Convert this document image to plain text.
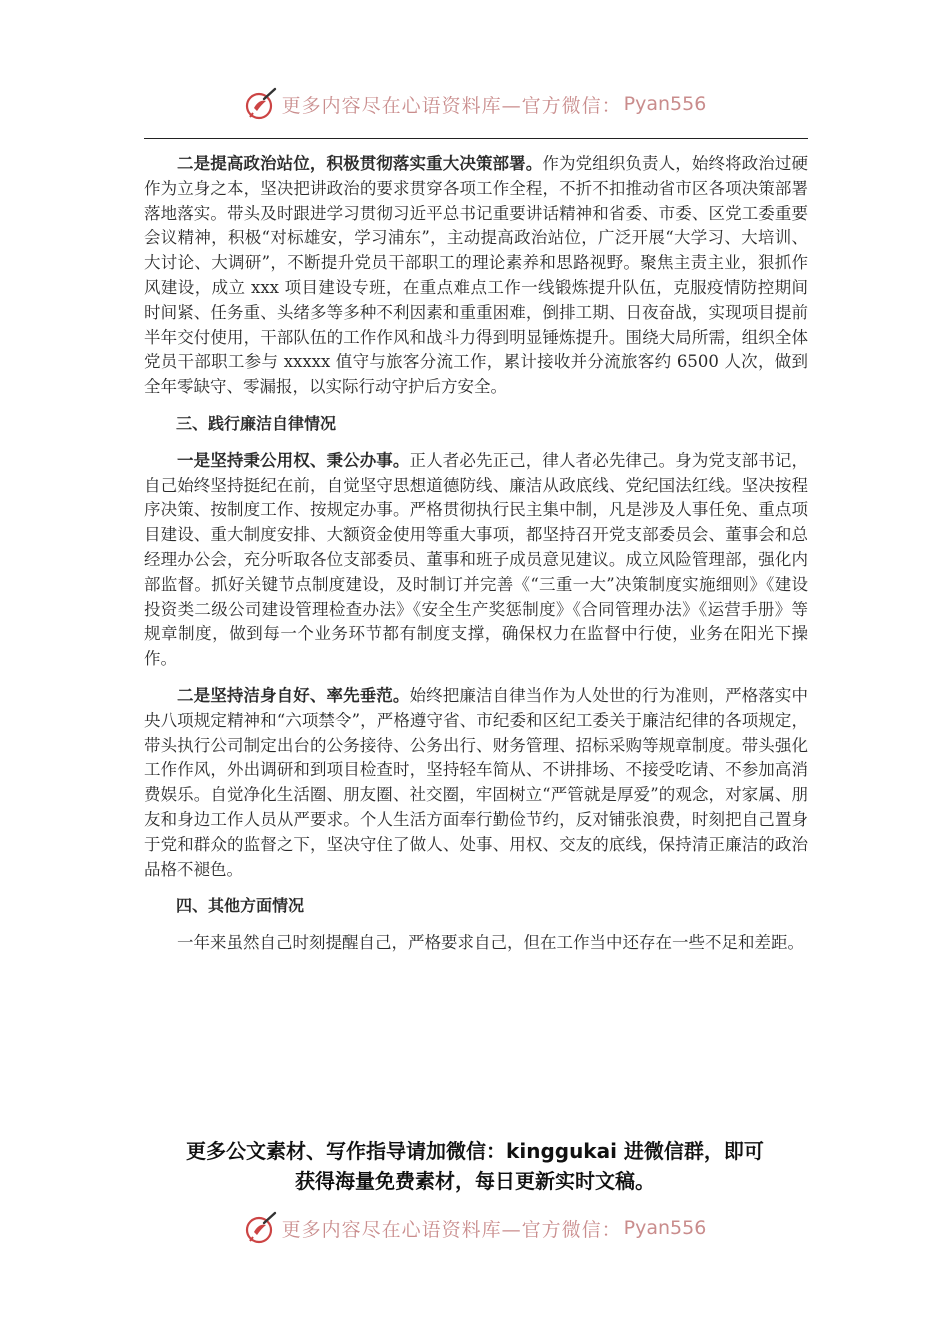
更多内容尽在心语资料库—官方微信： Pyan556

二是提高政治站位，积极贯彻落实重大决策部署。作为党组织负责人，始终将政治过硬作为立身之本，坚决把讲政治的要求贯穿各项工作全程，不折不扣推动省市区各项决策部署落地落实。带头及时跟进学习贯彻习近平总书记重要讲话精神和省委、市委、区党工委重要会议精神，积极“对标雄安，学习浦东”，主动提高政治站位，广泛开展“大学习、大培训、大讨论、大调研”，不断提升党员干部职工的理论素养和思路视野。聚焦主责主业，狠抓作风建设，成立 xxx 项目建设专班，在重点难点工作一线锻炼提升队伍，克服疫情防控期间时间紧、任务重、头绪多等多种不利因素和重重困难，倒排工期、日夜奋战，实现项目提前半年交付使用，干部队伍的工作作风和战斗力得到明显锤炼提升。围绕大局所需，组织全体党员干部职工参与 xxxxx 值守与旅客分流工作，累计接收并分流旅客约 6500 人次，做到全年零缺守、零漏报，以实际行动守护后方安全。

三、践行廉洁自律情况

一是坚持秉公用权、秉公办事。正人者必先正己，律人者必先律己。身为党支部书记，自己始终坚持挺纪在前，自觉坚守思想道德防线、廉洁从政底线、党纪国法红线。坚决按程序决策、按制度工作、按规定办事。严格贯彻执行民主集中制，凡是涉及人事任免、重点项目建设、重大制度安排、大额资金使用等重大事项，都坚持召开党支部委员会、董事会和总经理办公会，充分听取各位支部委员、董事和班子成员意见建议。成立风险管理部，强化内部监督。抓好关键节点制度建设，及时制订并完善《“三重一大”决策制度实施细则》《建设投资类二级公司建设管理检查办法》《安全生产奖惩制度》《合同管理办法》《运营手册》等规章制度，做到每一个业务环节都有制度支撑，确保权力在监督中行使，业务在阳光下操作。

二是坚持洁身自好、率先垂范。始终把廉洁自律当作为人处世的行为准则，严格落实中央八项规定精神和“六项禁令”，严格遵守省、市纪委和区纪工委关于廉洁纪律的各项规定，带头执行公司制定出台的公务接待、公务出行、财务管理、招标采购等规章制度。带头强化工作作风，外出调研和到项目检查时，坚持轻车简从、不讲排场、不接受吃请、不参加高消费娱乐。自觉净化生活圈、朋友圈、社交圈，牢固树立“严管就是厚爱”的观念，对家属、朋友和身边工作人员从严要求。个人生活方面奉行勤俭节约，反对铺张浪费，时刻把自己置身于党和群众的监督之下，坚决守住了做人、处事、用权、交友的底线，保持清正廉洁的政治品格不褪色。

四、其他方面情况

一年来虽然自己时刻提醒自己，严格要求自己，但在工作当中还存在一些不足和差距。

更多公文素材、写作指导请加微信：kinggukai 进微信群，即可
获得海量免费素材，每日更新实时文稿。
更多内容尽在心语资料库—官方微信： Pyan556
